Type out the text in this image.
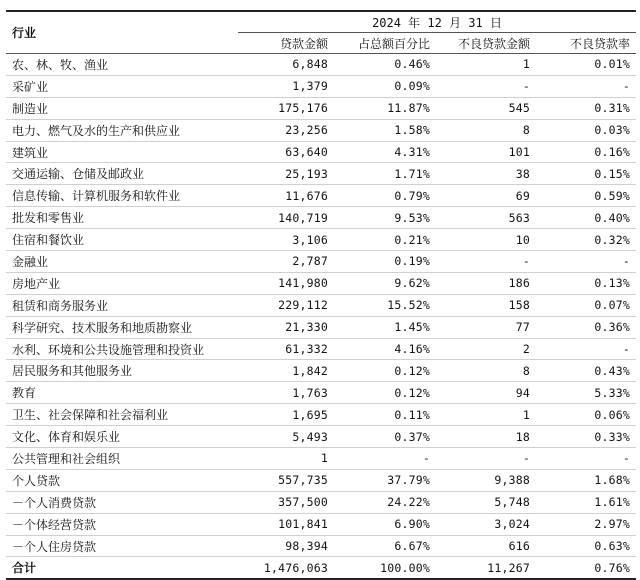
行业	2024 年 12 月 31 日			
	贷款金额	占总额百分比	不良贷款金额	不良贷款率
农、林、牧、渔业	6,848	0.46%	1	0.01%
采矿业	1,379	0.09%	-	-
制造业	175,176	11.87%	545	0.31%
电力、燃气及水的生产和供应业	23,256	1.58%	8	0.03%
建筑业	63,640	4.31%	101	0.16%
交通运输、仓储及邮政业	25,193	1.71%	38	0.15%
信息传输、计算机服务和软件业	11,676	0.79%	69	0.59%
批发和零售业	140,719	9.53%	563	0.40%
住宿和餐饮业	3,106	0.21%	10	0.32%
金融业	2,787	0.19%	-	-
房地产业	141,980	9.62%	186	0.13%
租赁和商务服务业	229,112	15.52%	158	0.07%
科学研究、技术服务和地质勘察业	21,330	1.45%	77	0.36%
水利、环境和公共设施管理和投资业	61,332	4.16%	2	-
居民服务和其他服务业	1,842	0.12%	8	0.43%
教育	1,763	0.12%	94	5.33%
卫生、社会保障和社会福利业	1,695	0.11%	1	0.06%
文化、体育和娱乐业	5,493	0.37%	18	0.33%
公共管理和社会组织	1	-	-	-
个人贷款	557,735	37.79%	9,388	1.68%
－个人消费贷款	357,500	24.22%	5,748	1.61%
－个体经营贷款	101,841	6.90%	3,024	2.97%
－个人住房贷款	98,394	6.67%	616	0.63%
合计	1,476,063	100.00%	11,267	0.76%
